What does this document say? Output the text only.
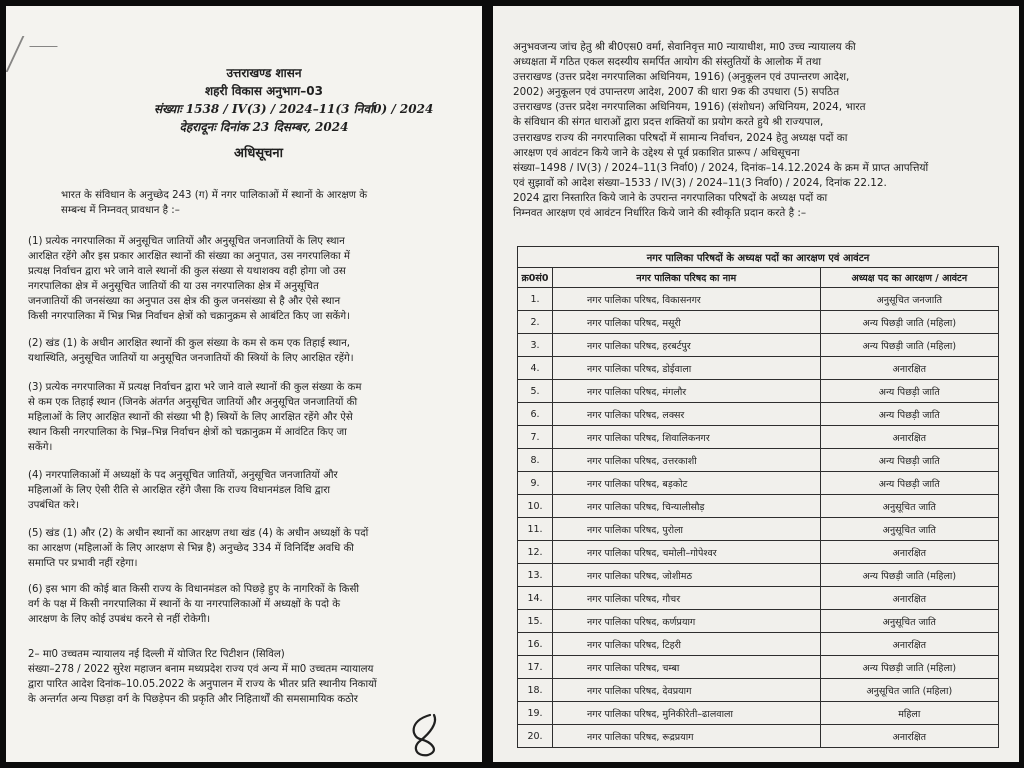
उत्तराखण्ड शासन
शहरी विकास अनुभाग–03
संख्याः 1538 / IV(3) / 2024–11(3 निर्वा0) / 2024
देहरादूनः दिनांक 23 दिसम्बर, 2024
अधिसूचना
भारत के संविधान के अनुच्छेद 243 (ग) में नगर पालिकाओं में स्थानों के आरक्षण के
सम्बन्ध में निम्नवत् प्रावधान है :–
(1) प्रत्येक नगरपालिका में अनुसूचित जातियों और अनुसूचित जनजातियों के लिए स्थान
आरक्षित रहेंगे और इस प्रकार आरक्षित स्थानों की संख्या का अनुपात, उस नगरपालिका में
प्रत्यक्ष निर्वाचन द्वारा भरे जाने वाले स्थानों की कुल संख्या से यथाशक्य वही होगा जो उस
नगरपालिका क्षेत्र में अनुसूचित जातियों की या उस नगरपालिका क्षेत्र में अनुसूचित
जनजातियों की जनसंख्या का अनुपात उस क्षेत्र की कुल जनसंख्या से है और ऐसे स्थान
किसी नगरपालिका में भिन्न भिन्न निर्वाचन क्षेत्रों को चक्रानुक्रम से आबंटित किए जा सकेंगे।
(2) खंड (1) के अधीन आरक्षित स्थानों की कुल संख्या के कम से कम एक तिहाई स्थान,
यथास्थिति, अनुसूचित जातियों या अनुसूचित जनजातियों की स्त्रियों के लिए आरक्षित रहेंगे।
(3) प्रत्येक नगरपालिका में प्रत्यक्ष निर्वाचन द्वारा भरे जाने वाले स्थानों की कुल संख्या के कम
से कम एक तिहाई स्थान (जिनके अंतर्गत अनुसूचित जातियों और अनुसूचित जनजातियों की
महिलाओं के लिए आरक्षित स्थानों की संख्या भी है) स्त्रियों के लिए आरक्षित रहेंगे और ऐसे
स्थान किसी नगरपालिका के भिन्न–भिन्न निर्वाचन क्षेत्रों को चक्रानुक्रम में आवंटित किए जा
सकेंगे।
(4) नगरपालिकाओं में अध्यक्षों के पद अनुसूचित जातियों, अनुसूचित जनजातियों और
महिलाओं के लिए ऐसी रीति से आरक्षित रहेंगे जैसा कि राज्य विधानमंडल विधि द्वारा
उपबंधित करे।
(5) खंड (1) और (2) के अधीन स्थानों का आरक्षण तथा खंड (4) के अधीन अध्यक्षों के पदों
का आरक्षण (महिलाओं के लिए आरक्षण से भिन्न है) अनुच्छेद 334 में विनिर्दिष्ट अवधि की
समाप्ति पर प्रभावी नहीं रहेगा।
(6) इस भाग की कोई बात किसी राज्य के विधानमंडल को पिछड़े हुए के नागरिकों के किसी
वर्ग के पक्ष में किसी नगरपालिका में स्थानों के या नगरपालिकाओं में अध्यक्षों के पदो के
आरक्षण के लिए कोई उपबंध करने से नहीं रोकेगी।
2– मा0 उच्चतम न्यायालय नई दिल्ली में योजित रिट पिटीशन (सिविल)
संख्या–278 / 2022 सुरेश महाजन बनाम मध्यप्रदेश राज्य एवं अन्य में मा0 उच्चतम न्यायालय
द्वारा पारित आदेश दिनांक–10.05.2022 के अनुपालन में राज्य के भीतर प्रति स्थानीय निकायों
के अन्तर्गत अन्य पिछड़ा वर्ग के पिछड़ेपन की प्रकृति और निहितार्थों की समसामायिक कठोर
अनुभवजन्य जांच हेतु श्री बी0एस0 वर्मा, सेवानिवृत्त मा0 न्यायाधीश, मा0 उच्च न्यायालय की
अध्यक्षता में गठित एकल सदस्यीय समर्पित आयोग की संस्तुतियों के आलोक में तथा
उत्तराखण्ड (उत्तर प्रदेश नगरपालिका अधिनियम, 1916) (अनुकूलन एवं उपान्तरण आदेश,
2002) अनुकूलन एवं उपान्तरण आदेश, 2007 की धारा 9क की उपधारा (5) सपठित
उत्तराखण्ड (उत्तर प्रदेश नगरपालिका अधिनियम, 1916) (संशोधन) अधिनियम, 2024, भारत
के संविधान की संगत धाराओं द्वारा प्रदत्त शक्तियों का प्रयोग करते हुये श्री राज्यपाल,
उत्तराखण्ड राज्य की नगरपालिका परिषदों में सामान्य निर्वाचन, 2024 हेतु अध्यक्ष पदों का
आरक्षण एवं आवंटन किये जाने के उद्देश्य से पूर्व प्रकाशित प्रारूप / अधिसूचना
संख्या–1498 / IV(3) / 2024–11(3 निर्वा0) / 2024, दिनांक–14.12.2024 के क्रम में प्राप्त आपत्तियों
एवं सुझावों को आदेश संख्या–1533 / IV(3) / 2024–11(3 निर्वा0) / 2024, दिनांक 22.12.
2024 द्वारा निस्तारित किये जाने के उपरान्त नगरपालिका परिषदों के अध्यक्ष पदों का
निम्नवत आरक्षण एवं आवंटन निर्धारित किये जाने की स्वीकृति प्रदान करते है :–
नगर पालिका परिषदों के अध्यक्ष पदों का आरक्षण एवं आवंटन		
क्र0सं0	नगर पालिका परिषद का नाम	अध्यक्ष पद का आरक्षण / आवंटन
1.	नगर पालिका परिषद, विकासनगर	अनुसूचित जनजाति
2.	नगर पालिका परिषद, मसूरी	अन्य पिछड़ी जाति (महिला)
3.	नगर पालिका परिषद, हरबर्टपुर	अन्य पिछड़ी जाति (महिला)
4.	नगर पालिका परिषद, डोईवाला	अनारक्षित
5.	नगर पालिका परिषद, मंगलौर	अन्य पिछड़ी जाति
6.	नगर पालिका परिषद, लक्सर	अन्य पिछड़ी जाति
7.	नगर पालिका परिषद, शिवालिकनगर	अनारक्षित
8.	नगर पालिका परिषद, उत्तरकाशी	अन्य पिछड़ी जाति
9.	नगर पालिका परिषद, बड़कोट	अन्य पिछड़ी जाति
10.	नगर पालिका परिषद, चिन्यालीसौड़	अनुसूचित जाति
11.	नगर पालिका परिषद, पुरोला	अनुसूचित जाति
12.	नगर पालिका परिषद, चमोली–गोपेश्वर	अनारक्षित
13.	नगर पालिका परिषद, जोशीमठ	अन्य पिछड़ी जाति (महिला)
14.	नगर पालिका परिषद, गौचर	अनारक्षित
15.	नगर पालिका परिषद, कर्णप्रयाग	अनुसूचित जाति
16.	नगर पालिका परिषद, टिहरी	अनारक्षित
17.	नगर पालिका परिषद, चम्बा	अन्य पिछड़ी जाति (महिला)
18.	नगर पालिका परिषद, देवप्रयाग	अनुसूचित जाति (महिला)
19.	नगर पालिका परिषद, मुनिकीरेती–ढालवाला	महिला
20.	नगर पालिका परिषद, रूद्रप्रयाग	अनारक्षित
